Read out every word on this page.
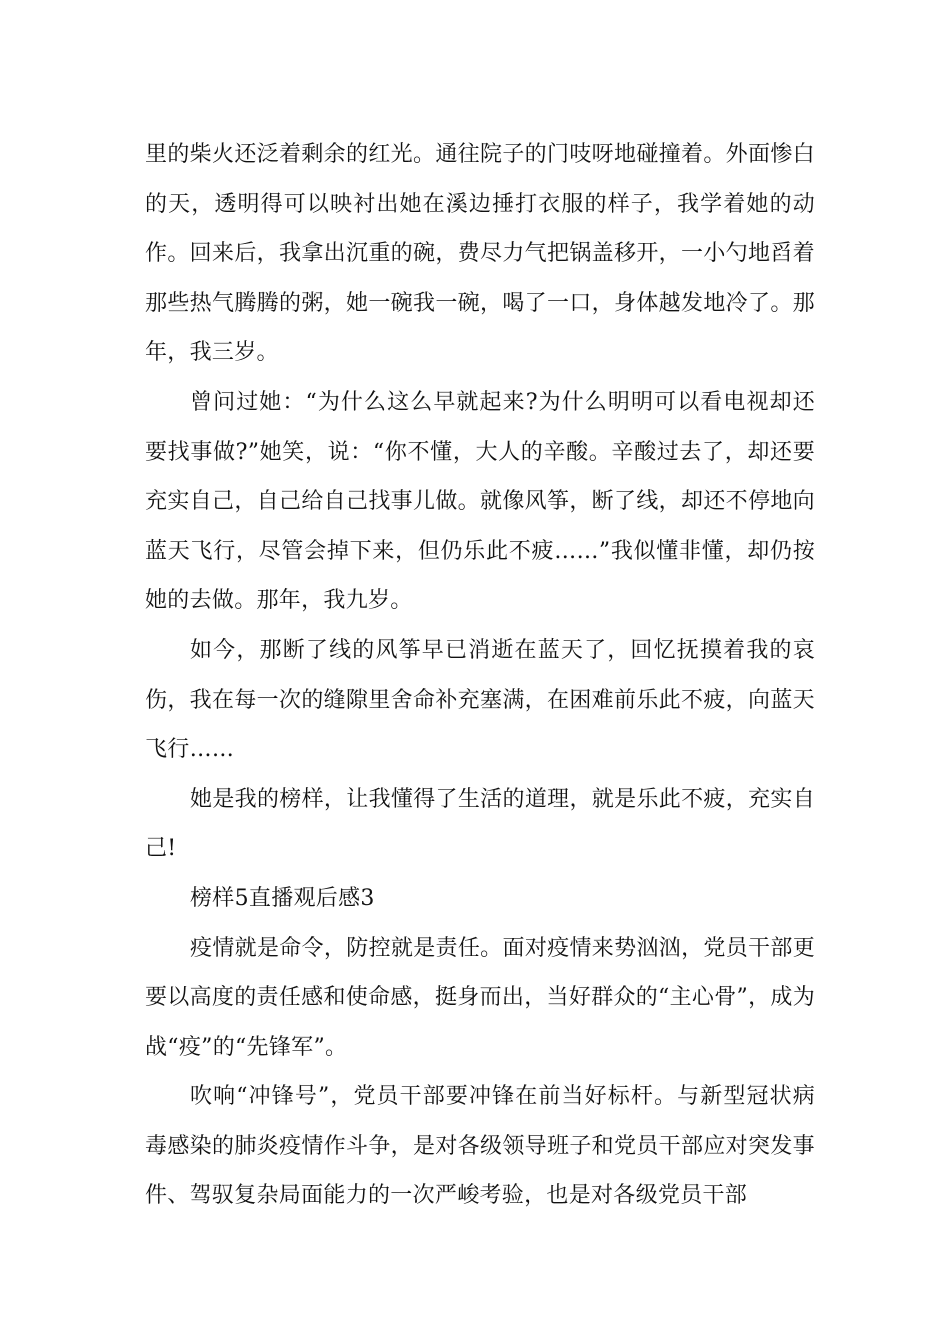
里的柴火还泛着剩余的红光。通往院子的门吱呀地碰撞着。外面惨白的天，透明得可以映衬出她在溪边捶打衣服的样子，我学着她的动作。回来后，我拿出沉重的碗，费尽力气把锅盖移开，一小勺地舀着那些热气腾腾的粥，她一碗我一碗，喝了一口，身体越发地冷了。那年，我三岁。

曾问过她：“为什么这么早就起来?为什么明明可以看电视却还要找事做?”她笑，说：“你不懂，大人的辛酸。辛酸过去了，却还要充实自己，自己给自己找事儿做。就像风筝，断了线，却还不停地向蓝天飞行，尽管会掉下来，但仍乐此不疲……”我似懂非懂，却仍按她的去做。那年，我九岁。

如今，那断了线的风筝早已消逝在蓝天了，回忆抚摸着我的哀伤，我在每一次的缝隙里舍命补充塞满，在困难前乐此不疲，向蓝天飞行……

她是我的榜样，让我懂得了生活的道理，就是乐此不疲，充实自己!

榜样5直播观后感3

疫情就是命令，防控就是责任。面对疫情来势汹汹，党员干部更要以高度的责任感和使命感，挺身而出，当好群众的“主心骨”，成为战“疫”的“先锋军”。

吹响“冲锋号”，党员干部要冲锋在前当好标杆。与新型冠状病毒感染的肺炎疫情作斗争，是对各级领导班子和党员干部应对突发事件、驾驭复杂局面能力的一次严峻考验，也是对各级党员干部
